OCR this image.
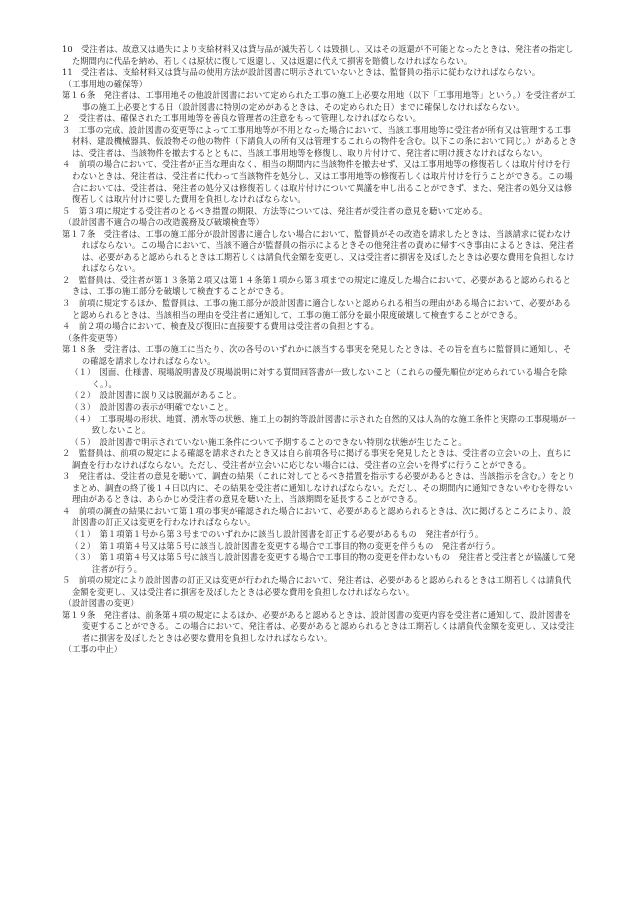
10　受注者は、故意又は過失により支給材料又は貸与品が滅失若しくは毀損し、又はその返還が不可能となったときは、発注者の指定した期間内に代品を納め、若しくは原状に復して返還し、又は返還に代えて損害を賠償しなければならない。

11　受注者は、支給材料又は貸与品の使用方法が設計図書に明示されていないときは、監督員の指示に従わなければならない。

（工事用地の確保等）

第１６条　発注者は、工事用地その他設計図書において定められた工事の施工上必要な用地（以下「工事用地等」という。）を受注者が工事の施工上必要とする日（設計図書に特別の定めがあるときは、その定められた日）までに確保しなければならない。

２　受注者は、確保された工事用地等を善良な管理者の注意をもって管理しなければならない。

３　工事の完成、設計図書の変更等によって工事用地等が不用となった場合において、当該工事用地等に受注者が所有又は管理する工事材料、建設機械器具、仮設物その他の物件（下請負人の所有又は管理するこれらの物件を含む。以下この条において同じ。）があるときは、受注者は、当該物件を撤去するとともに、当該工事用地等を修復し、取り片付けて、発注者に明け渡さなければならない。

４　前項の場合において、受注者が正当な理由なく、相当の期間内に当該物件を撤去せず、又は工事用地等の修復若しくは取片付けを行わないときは、発注者は、受注者に代わって当該物件を処分し、又は工事用地等の修復若しくは取片付けを行うことができる。この場合においては、受注者は、発注者の処分又は修復若しくは取片付けについて異議を申し出ることができず、また、発注者の処分又は修復若しくは取片付けに要した費用を負担しなければならない。

５　第３項に規定する受注者のとるべき措置の期限、方法等については、発注者が受注者の意見を聴いて定める。

（設計図書不適合の場合の改造義務及び破壊検査等）

第１７条　受注者は、工事の施工部分が設計図書に適合しない場合において、監督員がその改造を請求したときは、当該請求に従わなければならない。この場合において、当該不適合が監督員の指示によるときその他発注者の責めに帰すべき事由によるときは、発注者は、必要があると認められるときは工期若しくは請負代金額を変更し、又は受注者に損害を及ぼしたときは必要な費用を負担しなければならない。

２　監督員は、受注者が第１３条第２項又は第１４条第１項から第３項までの規定に違反した場合において、必要があると認められるときは、工事の施工部分を破壊して検査することができる。

３　前項に規定するほか、監督員は、工事の施工部分が設計図書に適合しないと認められる相当の理由がある場合において、必要があると認められるときは、当該相当の理由を受注者に通知して、工事の施工部分を最小限度破壊して検査することができる。

４　前２項の場合において、検査及び復旧に直接要する費用は受注者の負担とする。

（条件変更等）

第１８条　受注者は、工事の施工に当たり、次の各号のいずれかに該当する事実を発見したときは、その旨を直ちに監督員に通知し、その確認を請求しなければならない。

（１）　図面、仕様書、現場説明書及び現場説明に対する質問回答書が一致しないこと（これらの優先順位が定められている場合を除く。）。

（２）　設計図書に誤り又は脱漏があること。

（３）　設計図書の表示が明確でないこと。

（４）　工事現場の形状、地質、湧水等の状態、施工上の制約等設計図書に示された自然的又は人為的な施工条件と実際の工事現場が一致しないこと。

（５）　設計図書で明示されていない施工条件について予期することのできない特別な状態が生じたこと。

２　監督員は、前項の規定による確認を請求されたとき又は自ら前項各号に掲げる事実を発見したときは、受注者の立会いの上、直ちに調査を行わなければならない。ただし、受注者が立会いに応じない場合には、受注者の立会いを得ずに行うことができる。

３　発注者は、受注者の意見を聴いて、調査の結果（これに対してとるべき措置を指示する必要があるときは、当該指示を含む。）をとりまとめ、調査の終了後１４日以内に、その結果を受注者に通知しなければならない。ただし、その期間内に通知できないやむを得ない理由があるときは、あらかじめ受注者の意見を聴いた上、当該期間を延長することができる。

４　前項の調査の結果において第１項の事実が確認された場合において、必要があると認められるときは、次に掲げるところにより、設計図書の訂正又は変更を行わなければならない。

（１）　第１項第１号から第３号までのいずれかに該当し設計図書を訂正する必要があるもの　発注者が行う。

（２）　第１項第４号又は第５号に該当し設計図書を変更する場合で工事目的物の変更を伴うもの　発注者が行う。

（３）　第１項第４号又は第５号に該当し設計図書を変更する場合で工事目的物の変更を伴わないもの　発注者と受注者とが協議して発注者が行う。

５　前項の規定により設計図書の訂正又は変更が行われた場合において、発注者は、必要があると認められるときは工期若しくは請負代金額を変更し、又は受注者に損害を及ぼしたときは必要な費用を負担しなければならない。

（設計図書の変更）

第１９条　発注者は、前条第４項の規定によるほか、必要があると認めるときは、設計図書の変更内容を受注者に通知して、設計図書を変更することができる。この場合において、発注者は、必要があると認められるときは工期若しくは請負代金額を変更し、又は受注者に損害を及ぼしたときは必要な費用を負担しなければならない。

（工事の中止）
